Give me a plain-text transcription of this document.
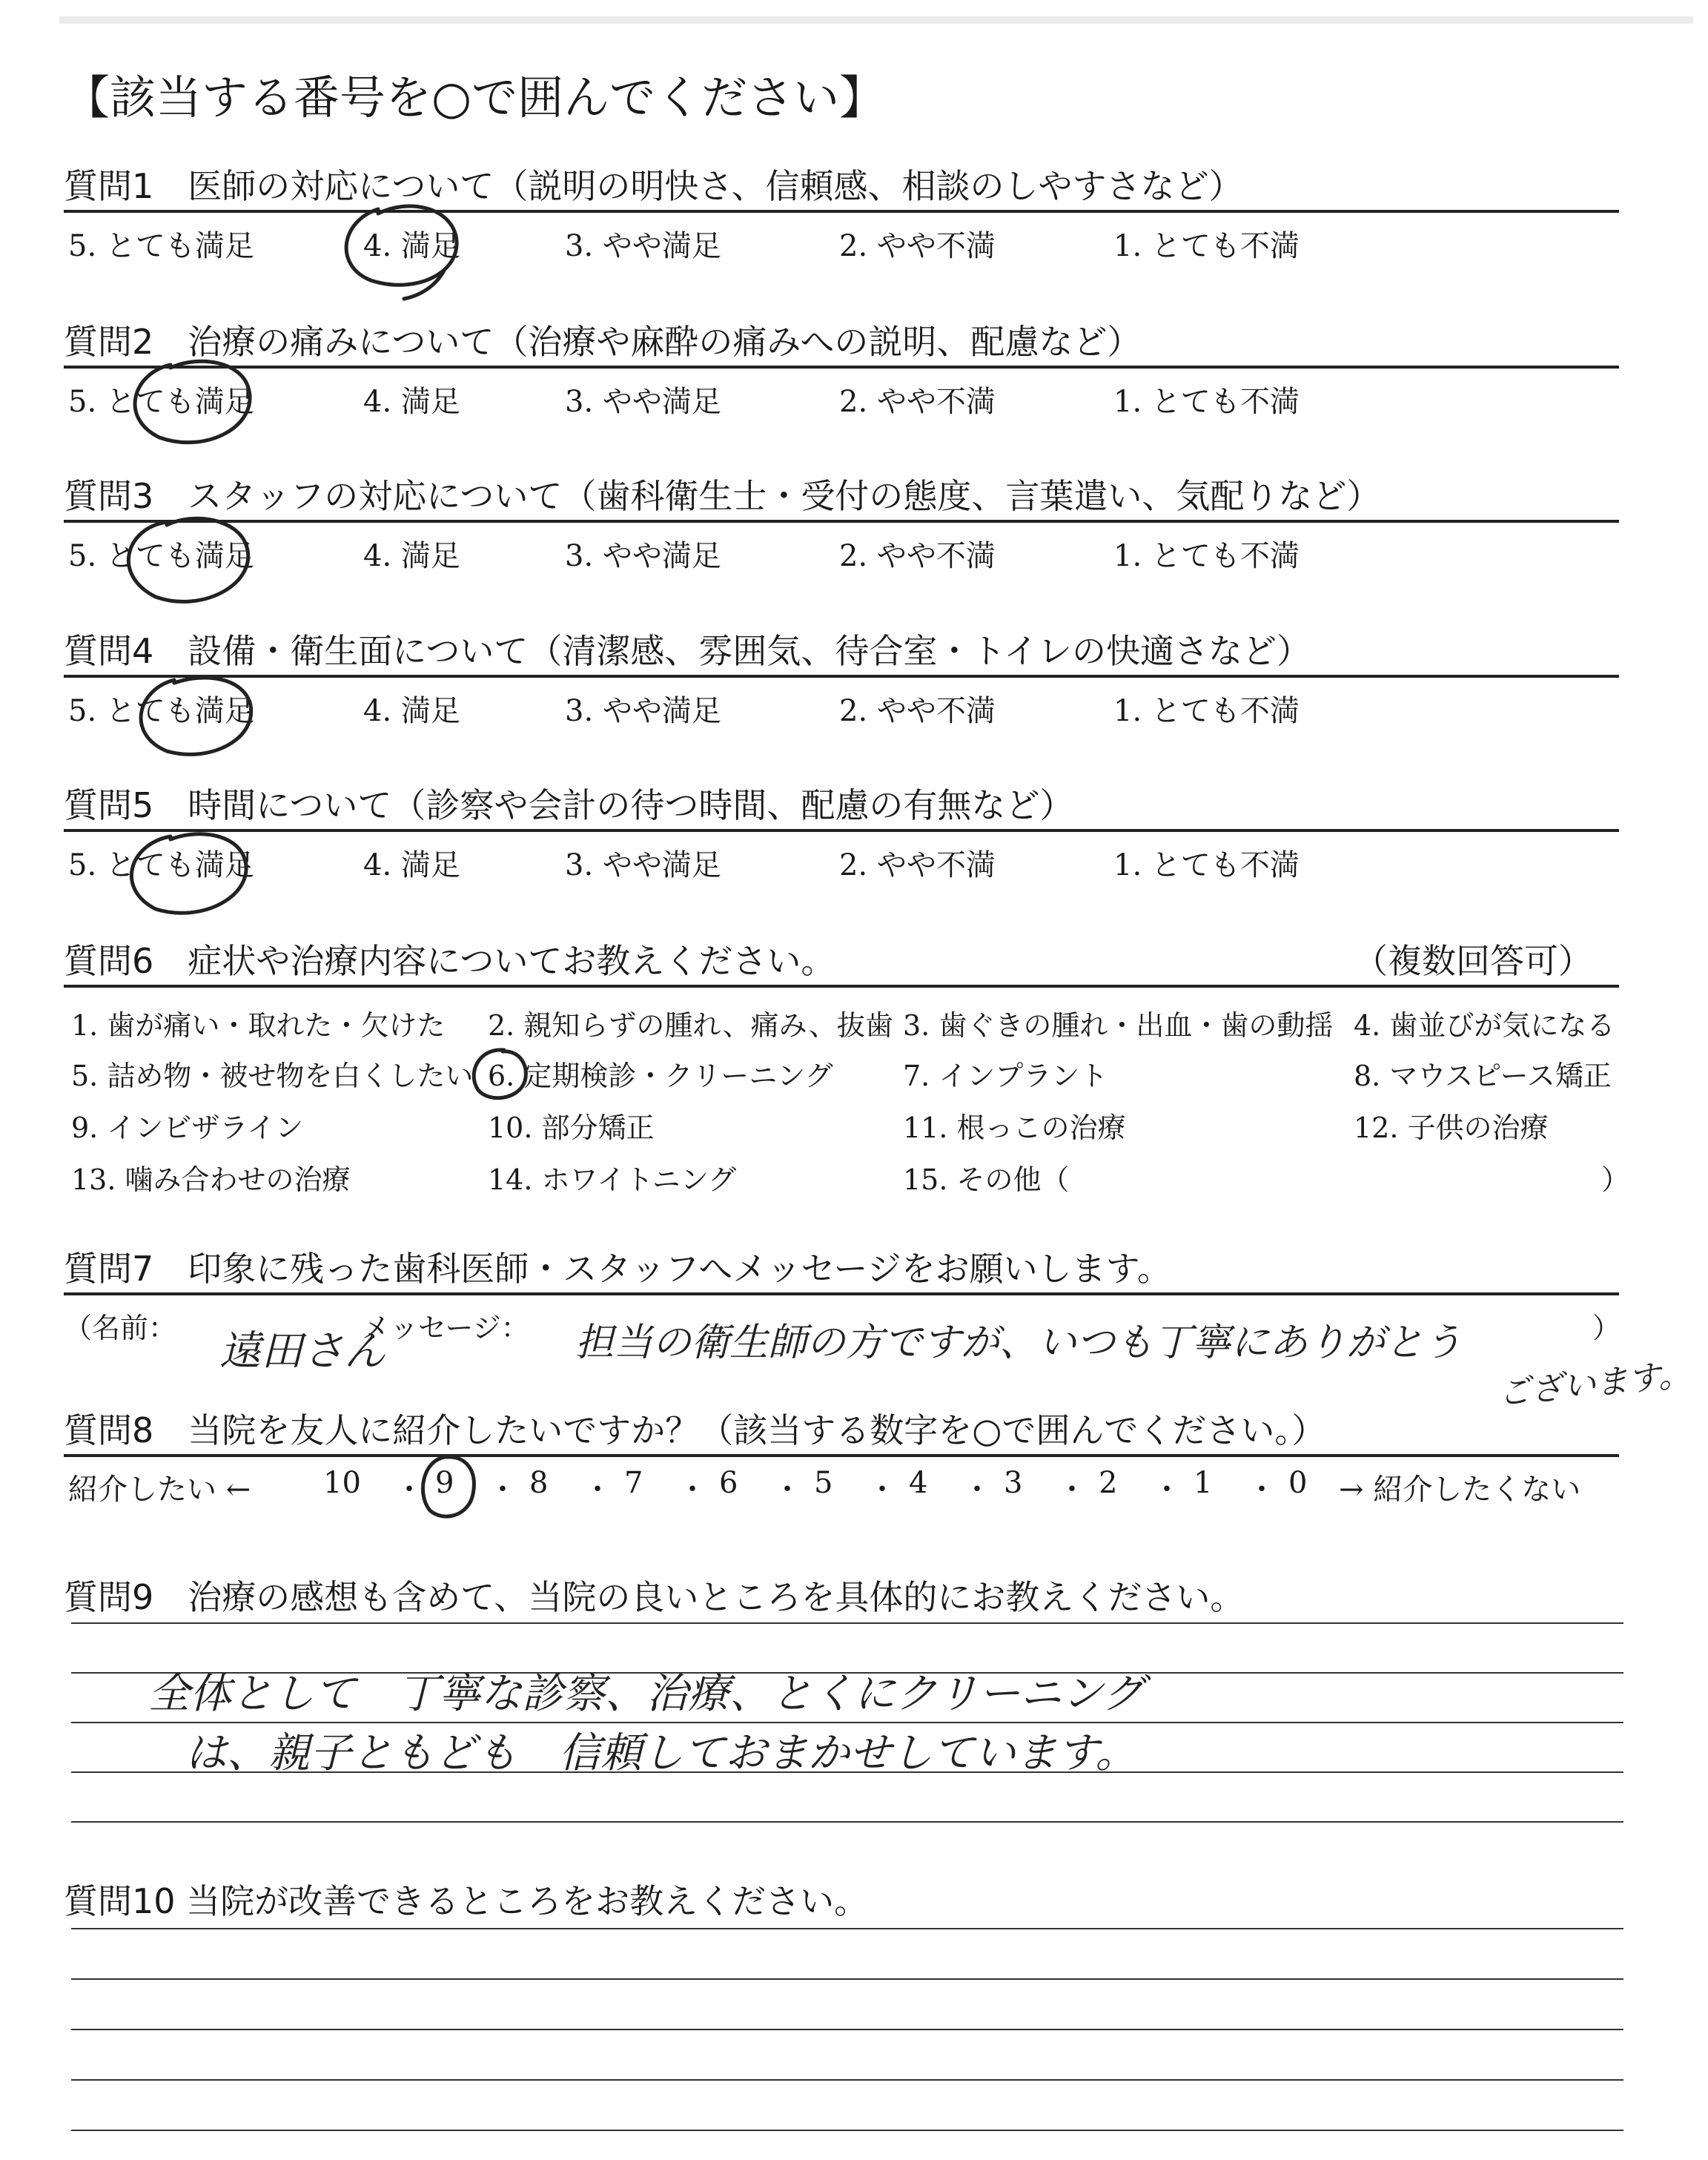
【該当する番号を○で囲んでください】
質問1　医師の対応について（説明の明快さ、信頼感、相談のしやすさなど）
5. とても満足	4. 満足	3. やや満足	2. やや不満	1. とても不満
質問2　治療の痛みについて（治療や麻酔の痛みへの説明、配慮など）
5. とても満足	4. 満足	3. やや満足	2. やや不満	1. とても不満
質問3　スタッフの対応について（歯科衛生士・受付の態度、言葉遣い、気配りなど）
5. とても満足	4. 満足	3. やや満足	2. やや不満	1. とても不満
質問4　設備・衛生面について（清潔感、雰囲気、待合室・トイレの快適さなど）
5. とても満足	4. 満足	3. やや満足	2. やや不満	1. とても不満
質問5　時間について（診察や会計の待つ時間、配慮の有無など）
5. とても満足	4. 満足	3. やや満足	2. やや不満	1. とても不満
質問6　症状や治療内容についてお教えください。	（複数回答可）
1. 歯が痛い・取れた・欠けた 2. 親知らずの腫れ、痛み、抜歯 3. 歯ぐきの腫れ・出血・歯の動揺 4. 歯並びが気になる
5. 詰め物・被せ物を白くしたい 6. 定期検診・クリーニング 7. インプラント	8. マウスピース矯正
9. インビザライン	10. 部分矯正	11. 根っこの治療	12. 子供の治療
13. 噛み合わせの治療	14. ホワイトニング	15. その他（	）
質問7　印象に残った歯科医師・スタッフへメッセージをお願いします。
（名前：	メッセージ：	）
遠田さん	担当の衛生師の方ですが、いつも丁寧にありがとう
ございます。
質問8　当院を友人に紹介したいですか？（該当する数字を○で囲んでください。）
紹介したい ← 10	9	8	7	6	5	4	3	2	1	0
・ ・ ・ ・ ・ ・ ・ ・ ・ ・ → 紹介したくない
質問9　治療の感想も含めて、当院の良いところを具体的にお教えください。
全体として　丁寧な診察、治療、とくにクリーニング
は、親子ともども　信頼しておまかせしています。
質問10 当院が改善できるところをお教えください。
